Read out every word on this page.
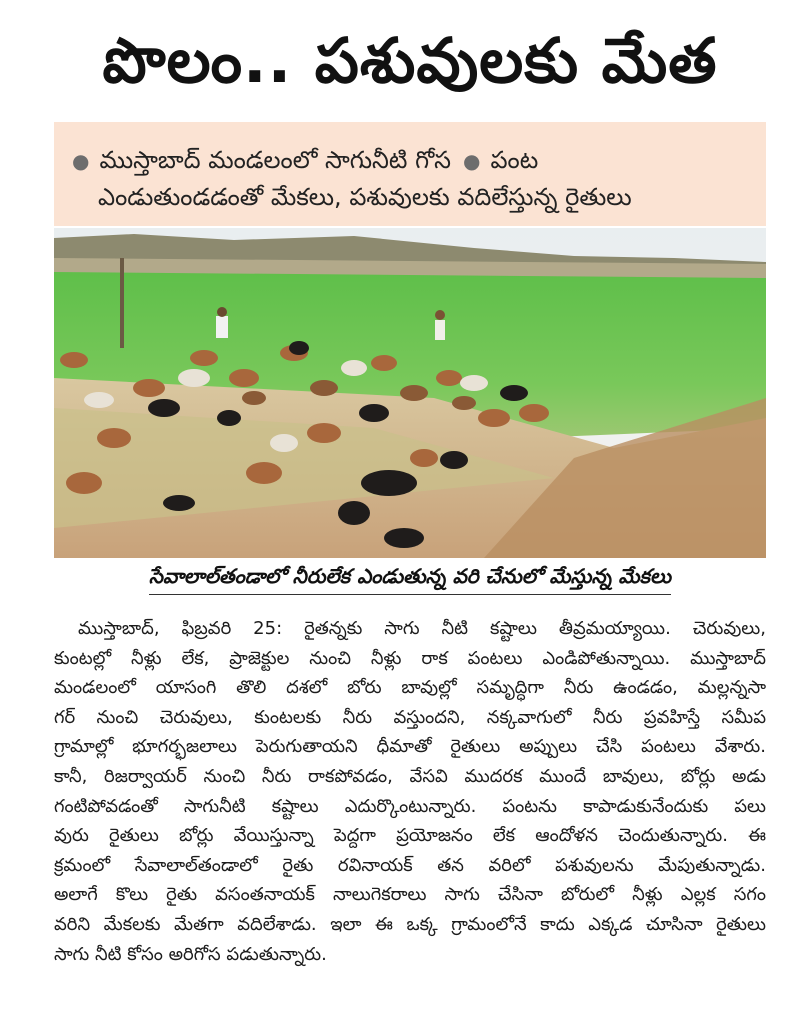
పొలం.. పశువులకు మేత
● ముస్తాబాద్ మండలంలో సాగునీటి గోస ● పంట
ఎండుతుండడంతో మేకలు, పశువులకు వదిలేస్తున్న రైతులు
సేవాలాల్‌తండాలో నీరులేక ఎండుతున్న వరి చేనులో మేస్తున్న మేకలు
ముస్తాబాద్, ఫిబ్రవరి 25: రైతన్నకు సాగు నీటి కష్టాలు తీవ్రమయ్యాయి. చెరువులు,
కుంటల్లో నీళ్లు లేక, ప్రాజెక్టుల నుంచి నీళ్లు రాక పంటలు ఎండిపోతున్నాయి. ముస్తాబాద్
మండలంలో యాసంగి తొలి దశలో బోరు బావుల్లో సమృద్ధిగా నీరు ఉండడం, మల్లన్నసా
గర్ నుంచి చెరువులు, కుంటలకు నీరు వస్తుందని, నక్కవాగులో నీరు ప్రవహిస్తే సమీప
గ్రామాల్లో భూగర్భజలాలు పెరుగుతాయని ధీమాతో రైతులు అప్పులు చేసి పంటలు వేశారు.
కానీ, రిజర్వాయర్ నుంచి నీరు రాకపోవడం, వేసవి ముదరక ముందే బావులు, బోర్లు అడు
గంటిపోవడంతో సాగునీటి కష్టాలు ఎదుర్కొంటున్నారు. పంటను కాపాడుకునేందుకు పలు
వురు రైతులు బోర్లు వేయిస్తున్నా పెద్దగా ప్రయోజనం లేక ఆందోళన చెందుతున్నారు. ఈ
క్రమంలో సేవాలాల్‌తండాలో రైతు రవినాయక్ తన వరిలో పశువులను మేపుతున్నాడు.
అలాగే కొలు రైతు వసంతనాయక్ నాలుగెకరాలు సాగు చేసినా బోరులో నీళ్లు ఎల్లక సగం
వరిని మేకలకు మేతగా వదిలేశాడు. ఇలా ఈ ఒక్క గ్రామంలోనే కాదు ఎక్కడ చూసినా రైతులు
సాగు నీటి కోసం అరిగోస పడుతున్నారు.
